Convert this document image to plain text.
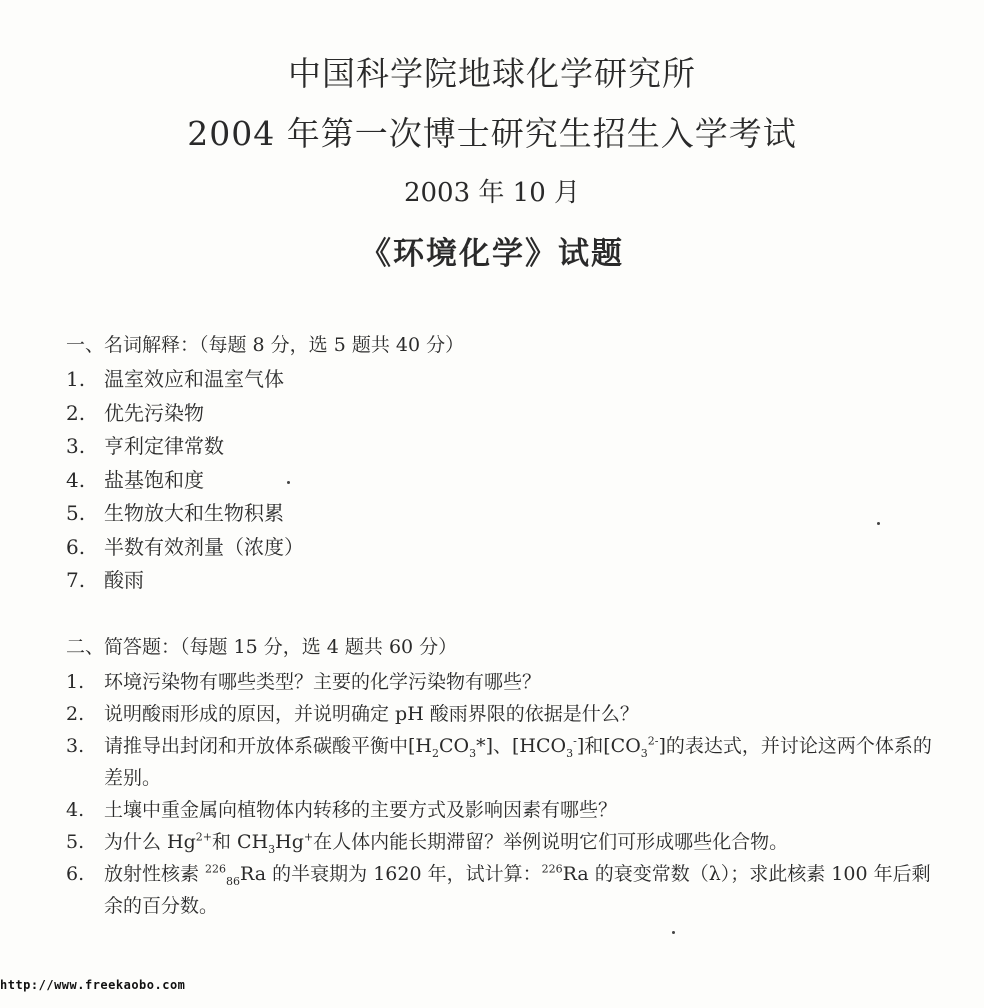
中国科学院地球化学研究所
2004 年第一次博士研究生招生入学考试
2003 年 10 月
《环境化学》试题
一、名词解释：（每题 8 分，选 5 题共 40 分）
1. 温室效应和温室气体
2. 优先污染物
3. 亨利定律常数
4. 盐基饱和度
5. 生物放大和生物积累
6. 半数有效剂量（浓度）
7. 酸雨
二、简答题：（每题 15 分，选 4 题共 60 分）
1.	环境污染物有哪些类型？主要的化学污染物有哪些？
2.	说明酸雨形成的原因，并说明确定 pH 酸雨界限的依据是什么？
3.	请推导出封闭和开放体系碳酸平衡中$[H_2CO_3*]$、$[HCO_3^-]$和$[CO_3^{2-}]$的表达式，并讨论这两个体系的差别。
4.	土壤中重金属向植物体内转移的主要方式及影响因素有哪些？
5.	为什么 $Hg^{2+}$和 $CH_3Hg^+$在人体内能长期滞留？举例说明它们可形成哪些化合物。
6.	放射性核素 $^{226}_{86}$Ra 的半衰期为 1620 年，试计算：$^{226}$Ra 的衰变常数（λ）；求此核素 100 年后剩余的百分数。
http://www.freekaobo.com
